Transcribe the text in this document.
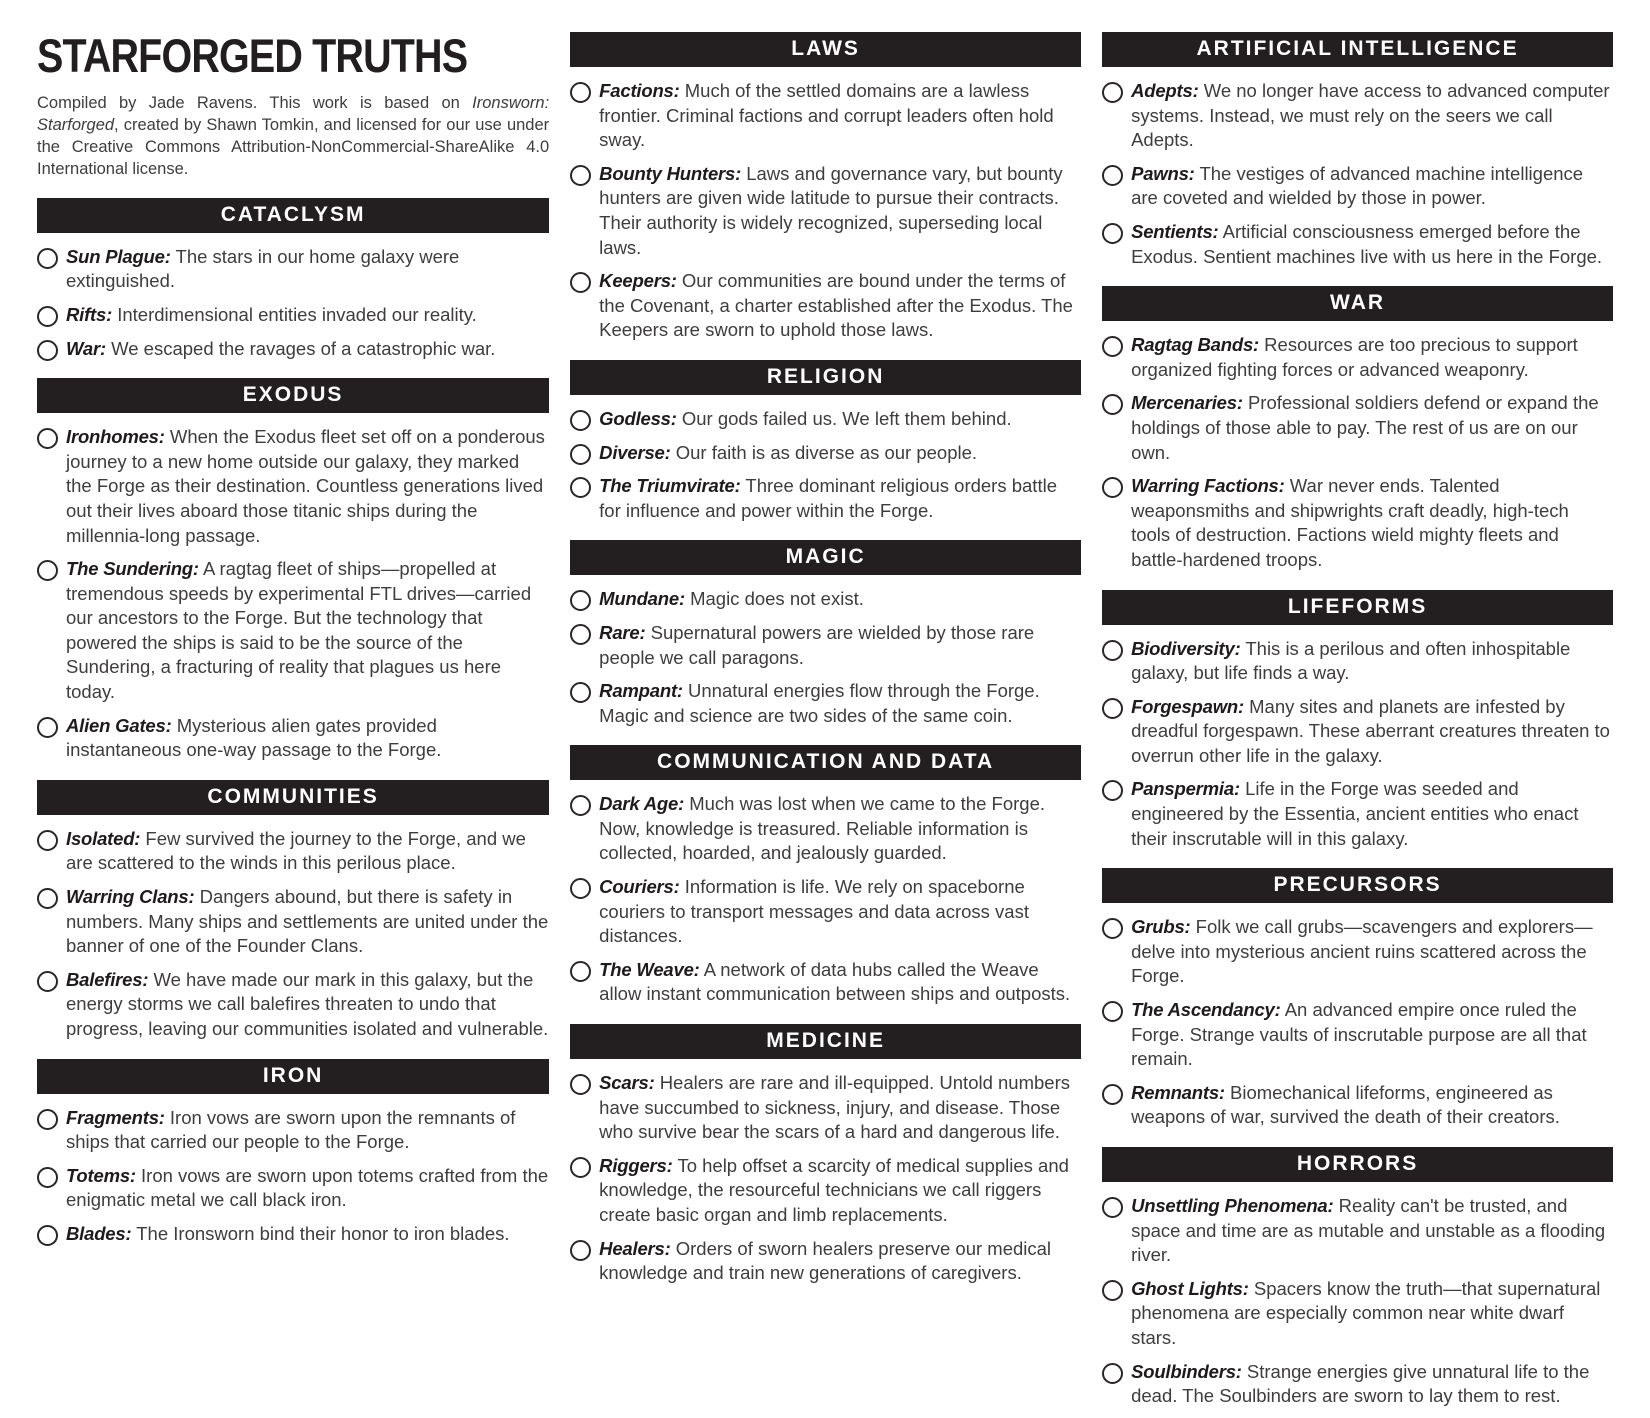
STARFORGED TRUTHS

Compiled by Jade Ravens. This work is based on Ironsworn: Starforged, created by Shawn Tomkin, and licensed for our use under the Creative Commons Attribution-NonCommercial-ShareAlike 4.0 International license.

CATACLYSM

Sun Plague: The stars in our home galaxy were extinguished.

Rifts: Interdimensional entities invaded our reality.

War: We escaped the ravages of a catastrophic war.

EXODUS

Ironhomes: When the Exodus fleet set off on a ponderous journey to a new home outside our galaxy, they marked the Forge as their destination. Countless generations lived out their lives aboard those titanic ships during the millennia-long passage.

The Sundering: A ragtag fleet of ships—propelled at tremendous speeds by experimental FTL drives—carried our ancestors to the Forge. But the technology that powered the ships is said to be the source of the Sundering, a fracturing of reality that plagues us here today.

Alien Gates: Mysterious alien gates provided instantaneous one-way passage to the Forge.

COMMUNITIES

Isolated: Few survived the journey to the Forge, and we are scattered to the winds in this perilous place.

Warring Clans: Dangers abound, but there is safety in numbers. Many ships and settlements are united under the banner of one of the Founder Clans.

Balefires: We have made our mark in this galaxy, but the energy storms we call balefires threaten to undo that progress, leaving our communities isolated and vulnerable.

IRON

Fragments: Iron vows are sworn upon the remnants of ships that carried our people to the Forge.

Totems: Iron vows are sworn upon totems crafted from the enigmatic metal we call black iron.

Blades: The Ironsworn bind their honor to iron blades.

LAWS

Factions: Much of the settled domains are a lawless frontier. Criminal factions and corrupt leaders often hold sway.

Bounty Hunters: Laws and governance vary, but bounty hunters are given wide latitude to pursue their contracts. Their authority is widely recognized, superseding local laws.

Keepers: Our communities are bound under the terms of the Covenant, a charter established after the Exodus. The Keepers are sworn to uphold those laws.

RELIGION

Godless: Our gods failed us. We left them behind.

Diverse: Our faith is as diverse as our people.

The Triumvirate: Three dominant religious orders battle for influence and power within the Forge.

MAGIC

Mundane: Magic does not exist.

Rare: Supernatural powers are wielded by those rare people we call paragons.

Rampant: Unnatural energies flow through the Forge. Magic and science are two sides of the same coin.

COMMUNICATION AND DATA

Dark Age: Much was lost when we came to the Forge. Now, knowledge is treasured. Reliable information is collected, hoarded, and jealously guarded.

Couriers: Information is life. We rely on spaceborne couriers to transport messages and data across vast distances.

The Weave: A network of data hubs called the Weave allow instant communication between ships and outposts.

MEDICINE

Scars: Healers are rare and ill-equipped. Untold numbers have succumbed to sickness, injury, and disease. Those who survive bear the scars of a hard and dangerous life.

Riggers: To help offset a scarcity of medical supplies and knowledge, the resourceful technicians we call riggers create basic organ and limb replacements.

Healers: Orders of sworn healers preserve our medical knowledge and train new generations of caregivers.

ARTIFICIAL INTELLIGENCE

Adepts: We no longer have access to advanced computer systems. Instead, we must rely on the seers we call Adepts.

Pawns: The vestiges of advanced machine intelligence are coveted and wielded by those in power.

Sentients: Artificial consciousness emerged before the Exodus. Sentient machines live with us here in the Forge.

WAR

Ragtag Bands: Resources are too precious to support organized fighting forces or advanced weaponry.

Mercenaries: Professional soldiers defend or expand the holdings of those able to pay. The rest of us are on our own.

Warring Factions: War never ends. Talented weaponsmiths and shipwrights craft deadly, high-tech tools of destruction. Factions wield mighty fleets and battle-hardened troops.

LIFEFORMS

Biodiversity: This is a perilous and often inhospitable galaxy, but life finds a way.

Forgespawn: Many sites and planets are infested by dreadful forgespawn. These aberrant creatures threaten to overrun other life in the galaxy.

Panspermia: Life in the Forge was seeded and engineered by the Essentia, ancient entities who enact their inscrutable will in this galaxy.

PRECURSORS

Grubs: Folk we call grubs—scavengers and explorers—delve into mysterious ancient ruins scattered across the Forge.

The Ascendancy: An advanced empire once ruled the Forge. Strange vaults of inscrutable purpose are all that remain.

Remnants: Biomechanical lifeforms, engineered as weapons of war, survived the death of their creators.

HORRORS

Unsettling Phenomena: Reality can't be trusted, and space and time are as mutable and unstable as a flooding river.

Ghost Lights: Spacers know the truth—that supernatural phenomena are especially common near white dwarf stars.

Soulbinders: Strange energies give unnatural life to the dead. The Soulbinders are sworn to lay them to rest.
